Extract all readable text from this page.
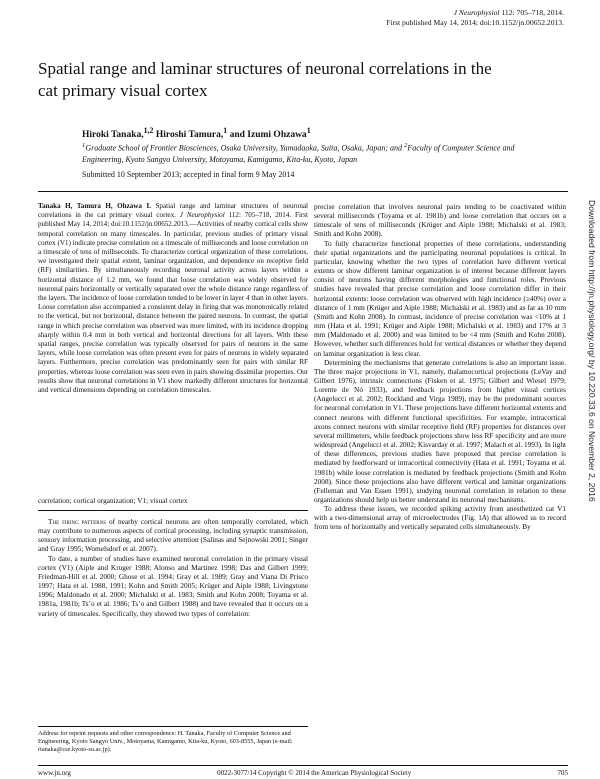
J Neurophysiol 112: 705–718, 2014.
First published May 14, 2014; doi:10.1152/jn.00652.2013.
Spatial range and laminar structures of neuronal correlations in the cat primary visual cortex
Hiroki Tanaka,$^{1,2}$ Hiroshi Tamura,$^1$ and Izumi Ohzawa$^1$
$^1$Graduate School of Frontier Biosciences, Osaka University, Yamadaoka, Suita, Osaka, Japan; and $^2$Faculty of Computer Science and Engineering, Kyoto Sangyo University, Motoyama, Kamigamo, Kita-ku, Kyoto, Japan
Submitted 10 September 2013; accepted in final form 9 May 2014
Tanaka H, Tamura H, Ohzawa I. Spatial range and laminar structures of neuronal correlations in the cat primary visual cortex. J Neurophysiol 112: 705–718, 2014. First published May 14, 2014; doi:10.1152/jn.00652.2013.—Activities of nearby cortical cells show temporal correlation on many timescales. In particular, previous studies of primary visual cortex (V1) indicate precise correlation on a timescale of milliseconds and loose correlation on a timescale of tens of milliseconds. To characterize cortical organization of these correlations, we investigated their spatial extent, laminar organization, and dependence on receptive field (RF) similarities. By simultaneously recording neuronal activity across layers within a horizontal distance of 1.2 mm, we found that loose correlation was widely observed for neuronal pairs horizontally or vertically separated over the whole distance range regardless of the layers. The incidence of loose correlation tended to be lower in layer 4 than in other layers. Loose correlation also accompanied a consistent delay in firing that was monotonically related to the vertical, but not horizontal, distance between the paired neurons. In contrast, the spatial range in which precise correlation was observed was more limited, with its incidence dropping sharply within 0.4 mm in both vertical and horizontal directions for all layers. With these spatial ranges, precise correlation was typically observed for pairs of neurons in the same layers, while loose correlation was often present even for pairs of neurons in widely separated layers. Furthermore, precise correlation was predominantly seen for pairs with similar RF properties, whereas loose correlation was seen even in pairs showing dissimilar properties. Our results show that neuronal correlations in V1 show markedly different structures for horizontal and vertical dimensions depending on correlation timescales.
correlation; cortical organization; V1; visual cortex

The firing patterns of nearby cortical neurons are often temporally correlated, which may contribute to numerous aspects of cortical processing, including synaptic transmission, sensory information processing, and selective attention (Salinas and Sejnowski 2001; Singer and Gray 1995; Womelsdorf et al. 2007).

To date, a number of studies have examined neuronal correlation in the primary visual cortex (V1) (Aiple and Kruger 1988; Alonso and Martinez 1998; Das and Gilbert 1999; Friedman-Hill et al. 2000; Ghose et al. 1994; Gray et al. 1989; Gray and Viana Di Prisco 1997; Hata et al. 1988, 1991; Kohn and Smith 2005; Krüger and Aiple 1988; Livingstone 1996; Maldonado et al. 2000; Michalski et al. 1983; Smith and Kohn 2008; Toyama et al. 1981a, 1981b; Ts’o et al. 1986; Ts’o and Gilbert 1988) and have revealed that it occurs on a variety of timescales. Specifically, they showed two types of correlation:

Address for reprint requests and other correspondence: H. Tanaka, Faculty of Computer Science and Engineering, Kyoto Sangyo Univ., Motoyama, Kamigamo, Kita-ku, Kyoto, 603-8555, Japan (e-mail: rtanaka@cse.kyoto-su.ac.jp).

precise correlation that involves neuronal pairs tending to be coactivated within several milliseconds (Toyama et al. 1981b) and loose correlation that occurs on a timescale of tens of milliseconds (Krüger and Aiple 1988; Michalski et al. 1983; Smith and Kohn 2008).

To fully characterize functional properties of these correlations, understanding their spatial organizations and the participating neuronal populations is critical. In particular, knowing whether the two types of correlation have different vertical extents or show different laminar organization is of interest because different layers consist of neurons having different morphologies and functional roles. Previous studies have revealed that precise correlation and loose correlation differ in their horizontal extents: loose correlation was observed with high incidence (≥40%) over a distance of 1 mm (Krüger and Aiple 1988; Michalski et al. 1983) and as far as 10 mm (Smith and Kohn 2008). In contrast, incidence of precise correlation was <10% at 1 mm (Hata et al. 1991; Krüger and Aiple 1988; Michalski et al. 1983) and 17% at 3 mm (Maldonado et al. 2000) and was limited to be <4 mm (Smith and Kohn 2008). However, whether such differences hold for vertical distances or whether they depend on laminar organization is less clear.

Determining the mechanisms that generate correlations is also an important issue. The three major projections in V1, namely, thalamocortical projections (LeVay and Gilbert 1976), intrinsic connections (Fisken et al. 1975; Gilbert and Wiesel 1979; Lorente de Nó 1933), and feedback projections from higher visual cortices (Angelucci et al. 2002; Rockland and Virga 1989), may be the predominant sources for neuronal correlation in V1. These projections have different horizontal extents and connect neurons with different functional specificities. For example, intracortical axons connect neurons with similar receptive field (RF) properties for distances over several millimeters, while feedback projections show less RF specificity and are more widespread (Angelucci et al. 2002; Kisvarday et al. 1997; Malach et al. 1993). In light of these differences, previous studies have proposed that precise correlation is mediated by feedforward or intracortical connectivity (Hata et al. 1991; Toyama et al. 1981b) while loose correlation is mediated by feedback projections (Smith and Kohn 2008). Since these projections also have different vertical and laminar organizations (Felleman and Van Essen 1991), studying neuronal correlation in relation to these organizations should help us better understand its neuronal mechanisms.

To address these issues, we recorded spiking activity from anesthetized cat V1 with a two-dimensional array of microelectrodes (Fig. 1A) that allowed us to record from tens of horizontally and vertically separated cells simultaneously. By

www.jn.org	0022-3077/14 Copyright © 2014 the American Physiological Society	705
Downloaded from http://jn.physiology.org/ by 10.220.33.6 on November 2, 2016
